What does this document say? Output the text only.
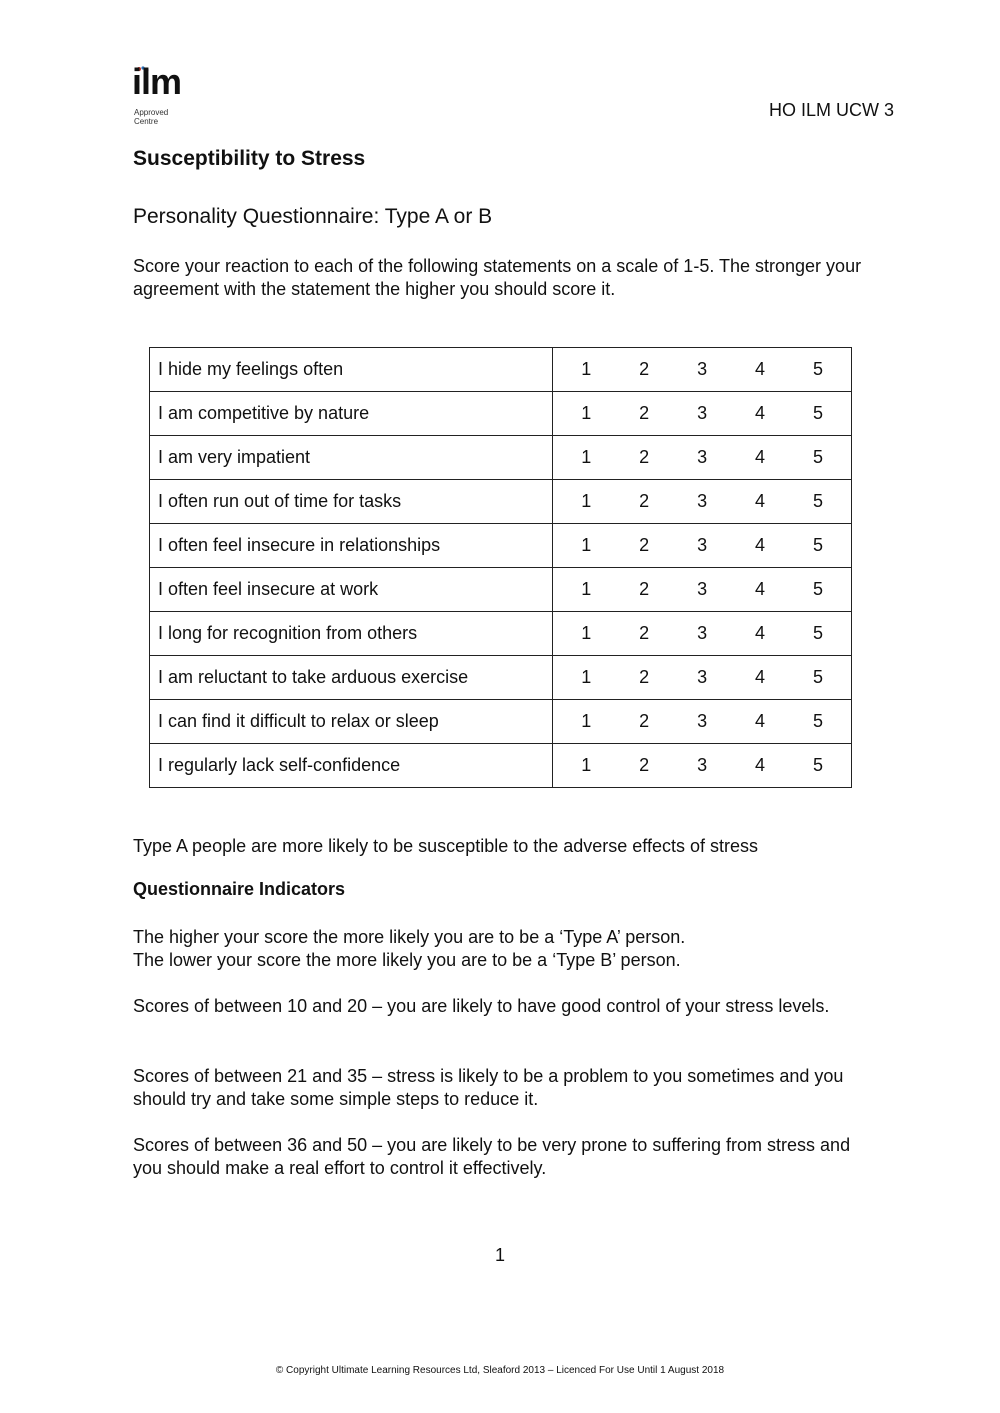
ilm
Approved
Centre
HO ILM UCW 3
Susceptibility to Stress
Personality Questionnaire: Type A or B

Score your reaction to each of the following statements on a scale of 1-5. The stronger your agreement with the statement the higher you should score it.

I hide my feelings often	1 2 3 4 5

I am competitive by nature	1 2 3 4 5

I am very impatient	1 2 3 4 5

I often run out of time for tasks	1 2 3 4 5

I often feel insecure in relationships	1 2 3 4 5

I often feel insecure at work	1 2 3 4 5

I long for recognition from others	1 2 3 4 5

I am reluctant to take arduous exercise	1 2 3 4 5

I can find it difficult to relax or sleep	1 2 3 4 5

I regularly lack self-confidence	1 2 3 4 5

Type A people are more likely to be susceptible to the adverse effects of stress

Questionnaire Indicators
The higher your score the more likely you are to be a ‘Type A’ person.
The lower your score the more likely you are to be a ‘Type B’ person.

Scores of between 10 and 20 – you are likely to have good control of your stress levels.

Scores of between 21 and 35 – stress is likely to be a problem to you sometimes and you should try and take some simple steps to reduce it.

Scores of between 36 and 50 – you are likely to be very prone to suffering from stress and you should make a real effort to control it effectively.

1
© Copyright Ultimate Learning Resources Ltd, Sleaford 2013 – Licenced For Use Until 1 August 2018
